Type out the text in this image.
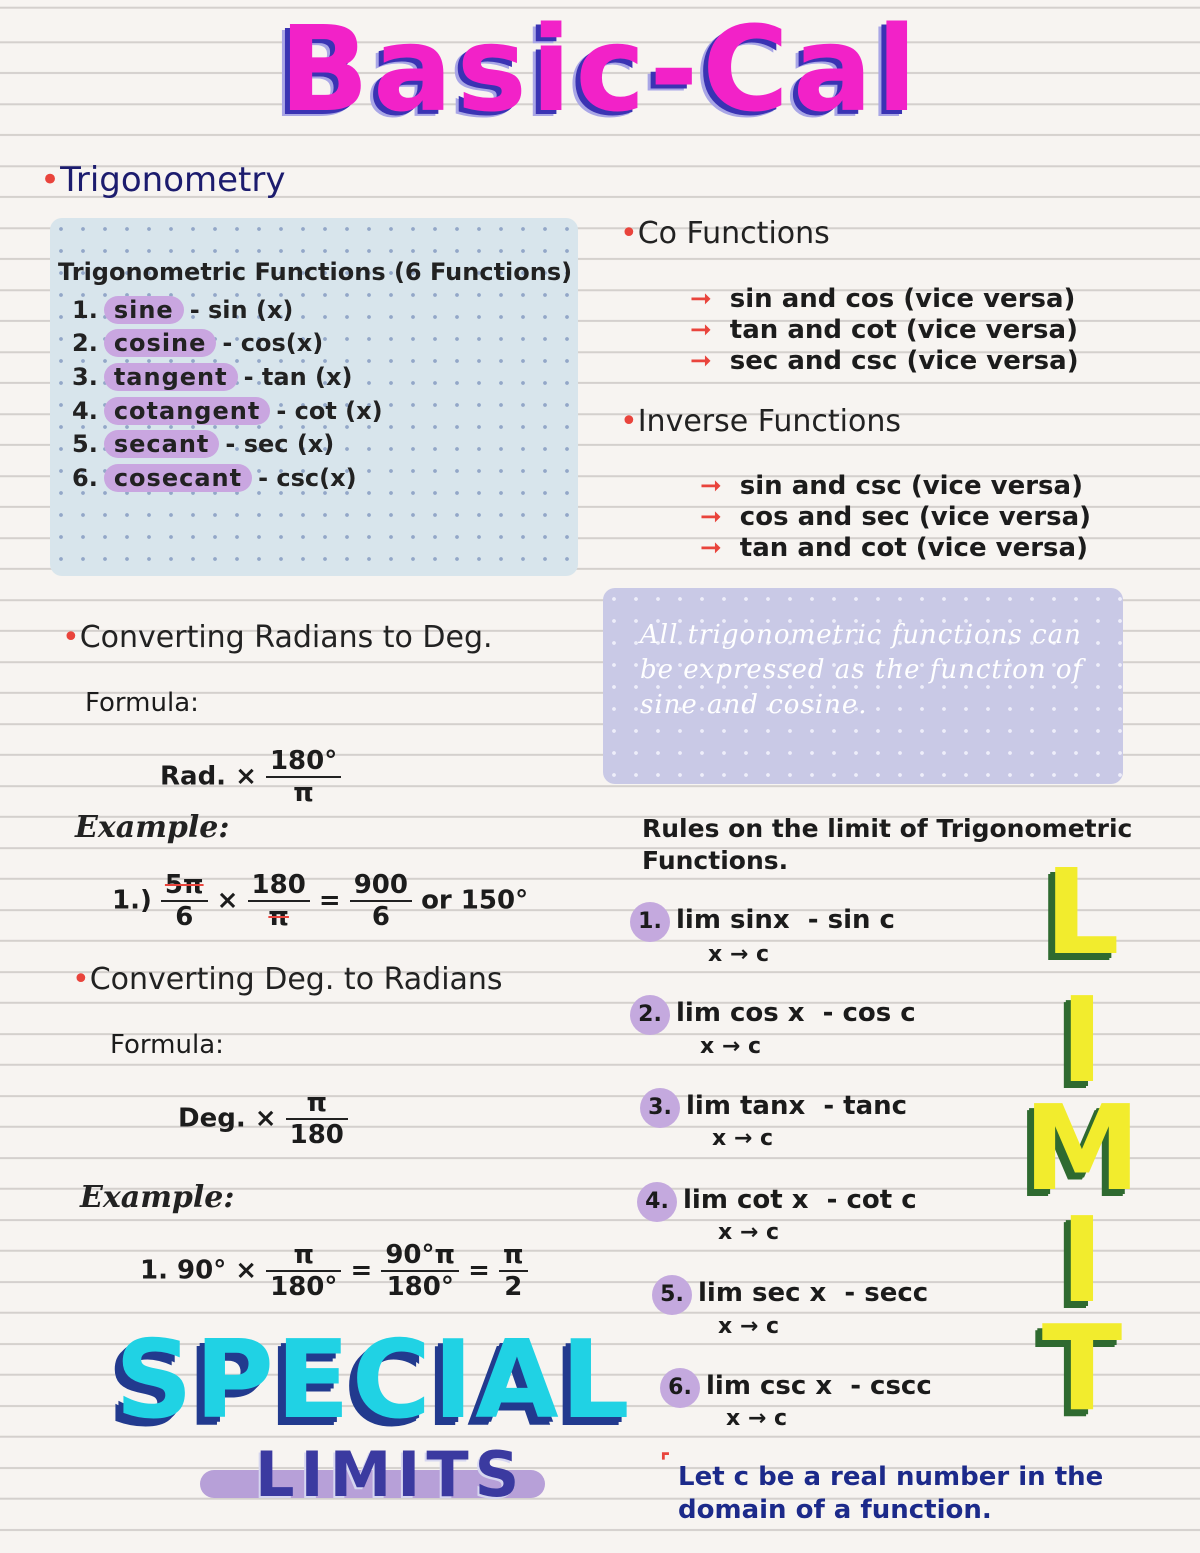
Basic-Cal
•Trigonometry
Trigonometric Functions (6 Functions)
1. sine - sin (x)
2. cosine - cos(x)
3. tangent - tan (x)
4. cotangent - cot (x)
5. secant - sec (x)
6. cosecant - csc(x)
•Co Functions
➞ sin and cos (vice versa)
➞ tan and cot (vice versa)
➞ sec and csc (vice versa)
•Inverse Functions
➞ sin and csc (vice versa)
➞ cos and sec (vice versa)
➞ tan and cot (vice versa)
All trigonometric functions can be expressed as the function of sine and cosine.
•Converting Radians to Deg.
Formula:
Rad. × $\frac{180^\circ}{\pi}$
Example:
$1.) \frac{5\pi}{6} \times \frac{180}{\pi} = \frac{900}{6}$ or 150°
•Converting Deg. to Radians
Formula:
Deg. × $\frac{\pi}{180}$
Example:
1. $90^\circ \times \frac{\pi}{180^\circ} = \frac{90^\circ\pi}{180^\circ} = \frac{\pi}{2}$
SPECIAL
LIMITS
Rules on the limit of Trigonometric
Functions.
1. lim sinx - sin c
x → c
2. lim cos x - cos c
x → c
3. lim tanx - tanc
x → c
4. lim cot x - cot c
x → c
5. lim sec x - secc
x → c
6. lim csc x - cscc
x → c
⌜ Let c be a real number in the
domain of a function.
L
I
M
I
T
